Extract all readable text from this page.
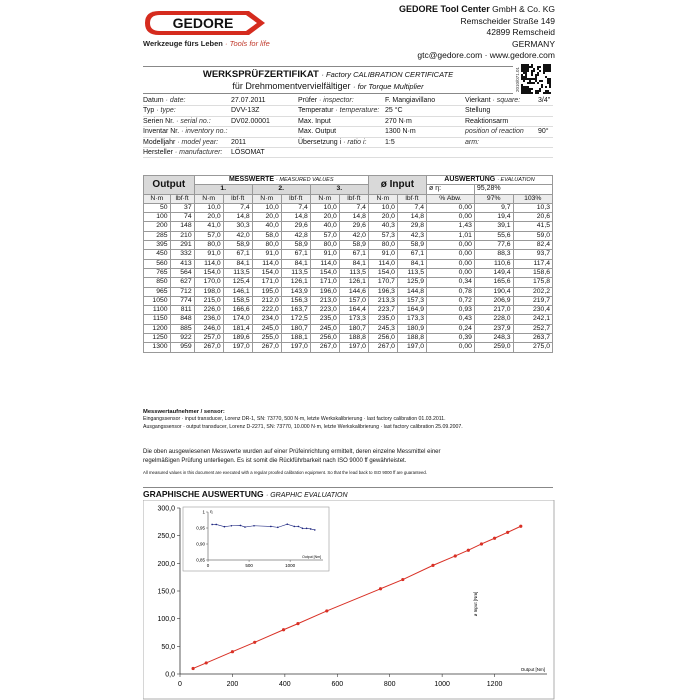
GEDORE
Werkzeuge fürs Leben · Tools for life
GEDORE Tool Center GmbH & Co. KG
Remscheider Straße 149
42899 Remscheid
GERMANY
gtc@gedore.com · www.gedore.com
WERKSPRÜFZERTIFIKAT · Factory CALIBRATION CERTIFICATE
für Drehmomentvervielfältiger · for Torque Multiplier	2010/071.01
Datum · date:	27.07.2011	Prüfer · inspector:	F. Mangiavillano	Vierkant · square:	3/4"
Typ · type:	DVV-13Z	Temperatur · temperature: 25 °C	Stellung
Serien Nr. · serial no.:	DV02.00001	Max. Input	270 N·m	Reaktionsarm
Inventar Nr. · inventory no.:	Max. Output	1300 N·m	position of reaction 90°
Modelljahr · model year: 2011	Übersetzung i · ratio i:	1:5	arm:
Hersteller · manufacturer: LÖSOMAT
Output		MESSWERTE · MEASURED VALUES						ø Input		AUSWERTUNG · EVALUATION		
		1.		2.		3.				ø η:	95,28%	
N·m	lbf·ft	N·m	lbf·ft	N·m	lbf·ft	N·m	lbf·ft	N·m	lbf·ft	% Abw.	97%	103%
50	37	10,0	7,4	10,0	7,4	10,0	7,4	10,0	7,4	0,00	9,7	10,3
100	74	20,0	14,8	20,0	14,8	20,0	14,8	20,0	14,8	0,00	19,4	20,6
200	148	41,0	30,3	40,0	29,6	40,0	29,6	40,3	29,8	1,43	39,1	41,5
285	210	57,0	42,0	58,0	42,8	57,0	42,0	57,3	42,3	1,01	55,6	59,0
395	291	80,0	58,9	80,0	58,9	80,0	58,9	80,0	58,9	0,00	77,6	82,4
450	332	91,0	67,1	91,0	67,1	91,0	67,1	91,0	67,1	0,00	88,3	93,7
560	413	114,0	84,1	114,0	84,1	114,0	84,1	114,0	84,1	0,00	110,6	117,4
765	564	154,0	113,5	154,0	113,5	154,0	113,5	154,0	113,5	0,00	149,4	158,6
850	627	170,0	125,4	171,0	126,1	171,0	126,1	170,7	125,9	0,34	165,6	175,8
965	712	198,0	146,1	195,0	143,9	196,0	144,6	196,3	144,8	0,78	190,4	202,2
1050	774	215,0	158,5	212,0	156,3	213,0	157,0	213,3	157,3	0,72	206,9	219,7
1100	811	226,0	166,6	222,0	163,7	223,0	164,4	223,7	164,9	0,93	217,0	230,4
1150	848	236,0	174,0	234,0	172,5	235,0	173,3	235,0	173,3	0,43	228,0	242,1
1200	885	246,0	181,4	245,0	180,7	245,0	180,7	245,3	180,9	0,24	237,9	252,7
1250	922	257,0	189,6	255,0	188,1	256,0	188,8	256,0	188,8	0,39	248,3	263,7
1300	959	267,0	197,0	267,0	197,0	267,0	197,0	267,0	197,0	0,00	259,0	275,0
Messwertaufnehmer / sensor:
Eingangssensor · input transducer, Lorenz DR-1, SN: 73770, 500 N·m, letzte Werkskalibrierung · last factory calibration 01.03.2011.
Ausgangssensor · output transducer, Lorenz D-2271, SN: 73770, 10.000 N·m, letzte Werkskalibrierung · last factory calibration 25.09.2007.
Die oben ausgewiesenen Messwerte wurden auf einer Prüfeinrichtung ermittelt, deren einzelne Messmittel einer
regelmäßigen Prüfung unterliegen. Es ist somit die Rückführbarkeit nach ISO 9000 ff gewährleistet.
All measured values in this document are executed with a regular proofed calibration equipment. So that the lead back to ISO 9000 ff are guaranteed.
GRAPHISCHE AUSWERTUNG · GRAPHIC EVALUATION
0	200	400	600	800	1000	1200
0,0
50,0
100,0
150,0
200,0
250,0
300,0
Output [Nm]
ø Input [Nm]
0	500	1000
0,85
0,90
0,95
1 η
Output [Nm]
